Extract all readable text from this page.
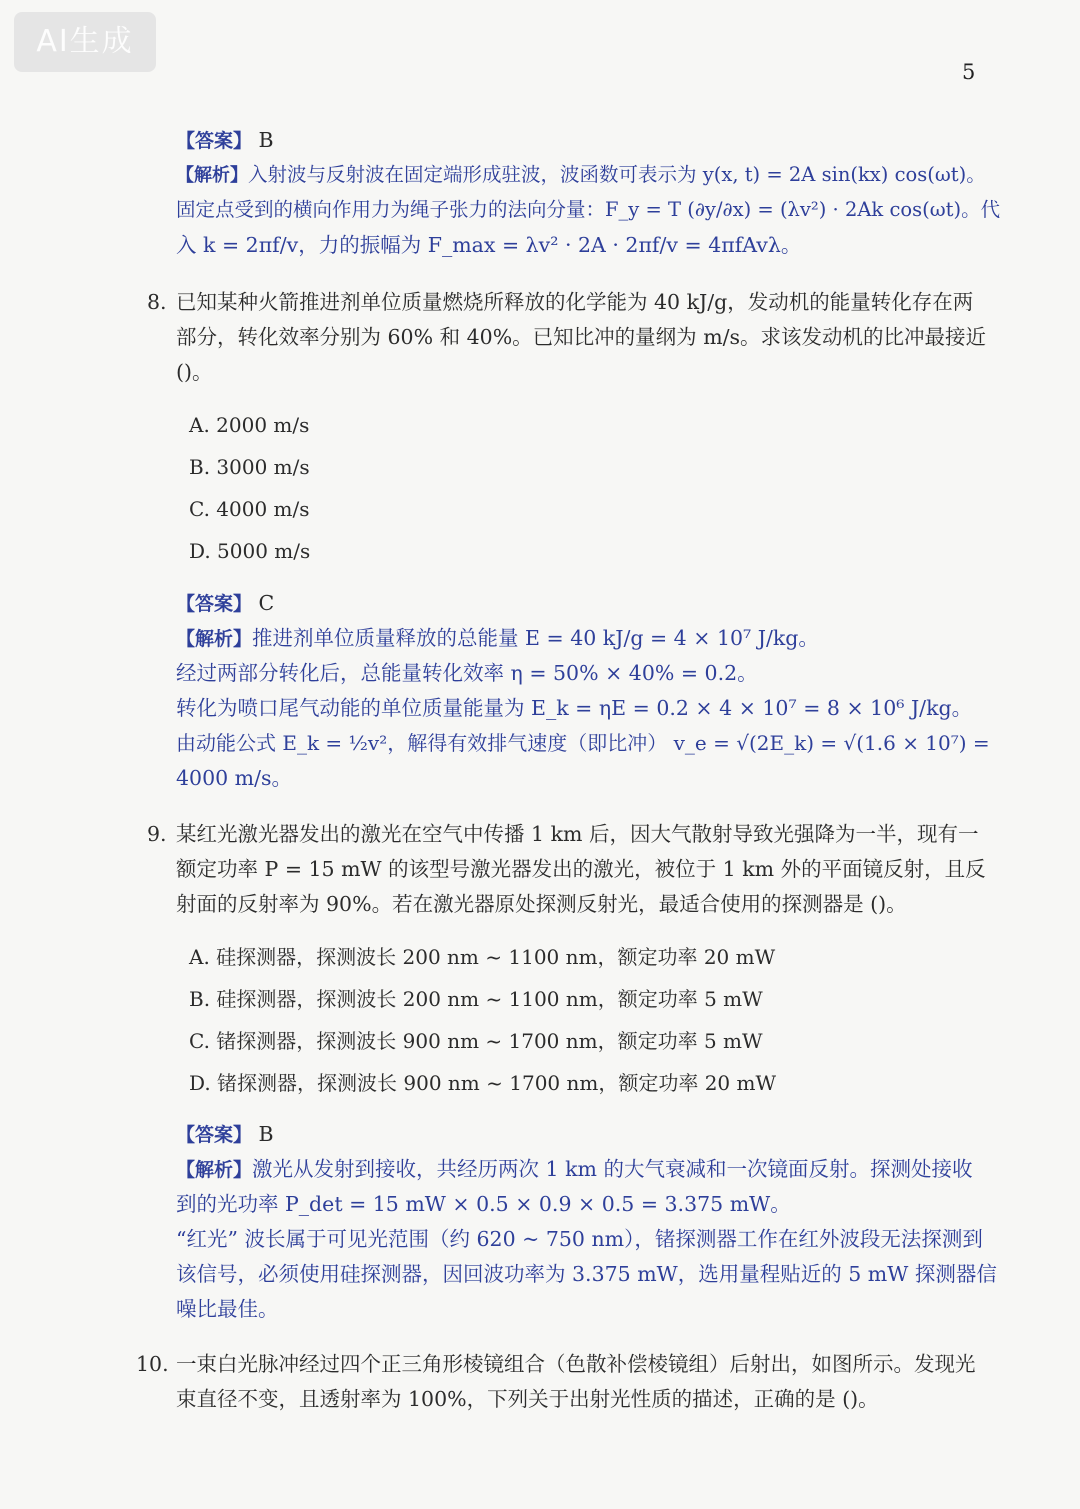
AI生成
5
【答案】 B
【解析】入射波与反射波在固定端形成驻波，波函数可表示为 y(x, t) = 2A sin(kx) cos(ωt)。
固定点受到的横向作用力为绳子张力的法向分量：F_y = T (∂y/∂x) = (λv²) · 2Ak cos(ωt)。代
入 k = 2πf/v，力的振幅为 F_max = λv² · 2A · 2πf/v = 4πfAvλ。
8. 已知某种火箭推进剂单位质量燃烧所释放的化学能为 40 kJ/g，发动机的能量转化存在两
部分，转化效率分别为 60% 和 40%。已知比冲的量纲为 m/s。求该发动机的比冲最接近
()。
A. 2000 m/s
B. 3000 m/s
C. 4000 m/s
D. 5000 m/s
【答案】 C
【解析】推进剂单位质量释放的总能量 E = 40 kJ/g = 4 × 10⁷ J/kg。
经过两部分转化后，总能量转化效率 η = 50% × 40% = 0.2。
转化为喷口尾气动能的单位质量能量为 E_k = ηE = 0.2 × 4 × 10⁷ = 8 × 10⁶ J/kg。
由动能公式 E_k = ½v²，解得有效排气速度（即比冲） v_e = √(2E_k) = √(1.6 × 10⁷) =
4000 m/s。
9. 某红光激光器发出的激光在空气中传播 1 km 后，因大气散射导致光强降为一半，现有一
额定功率 P = 15 mW 的该型号激光器发出的激光，被位于 1 km 外的平面镜反射，且反
射面的反射率为 90%。若在激光器原处探测反射光，最适合使用的探测器是 ()。
A. 硅探测器，探测波长 200 nm ~ 1100 nm，额定功率 20 mW
B. 硅探测器，探测波长 200 nm ~ 1100 nm，额定功率 5 mW
C. 锗探测器，探测波长 900 nm ~ 1700 nm，额定功率 5 mW
D. 锗探测器，探测波长 900 nm ~ 1700 nm，额定功率 20 mW
【答案】 B
【解析】激光从发射到接收，共经历两次 1 km 的大气衰减和一次镜面反射。探测处接收
到的光功率 P_det = 15 mW × 0.5 × 0.9 × 0.5 = 3.375 mW。
“红光” 波长属于可见光范围（约 620 ~ 750 nm），锗探测器工作在红外波段无法探测到
该信号，必须使用硅探测器，因回波功率为 3.375 mW，选用量程贴近的 5 mW 探测器信
噪比最佳。
10. 一束白光脉冲经过四个正三角形棱镜组合（色散补偿棱镜组）后射出，如图所示。发现光
束直径不变，且透射率为 100%，下列关于出射光性质的描述，正确的是 ()。
